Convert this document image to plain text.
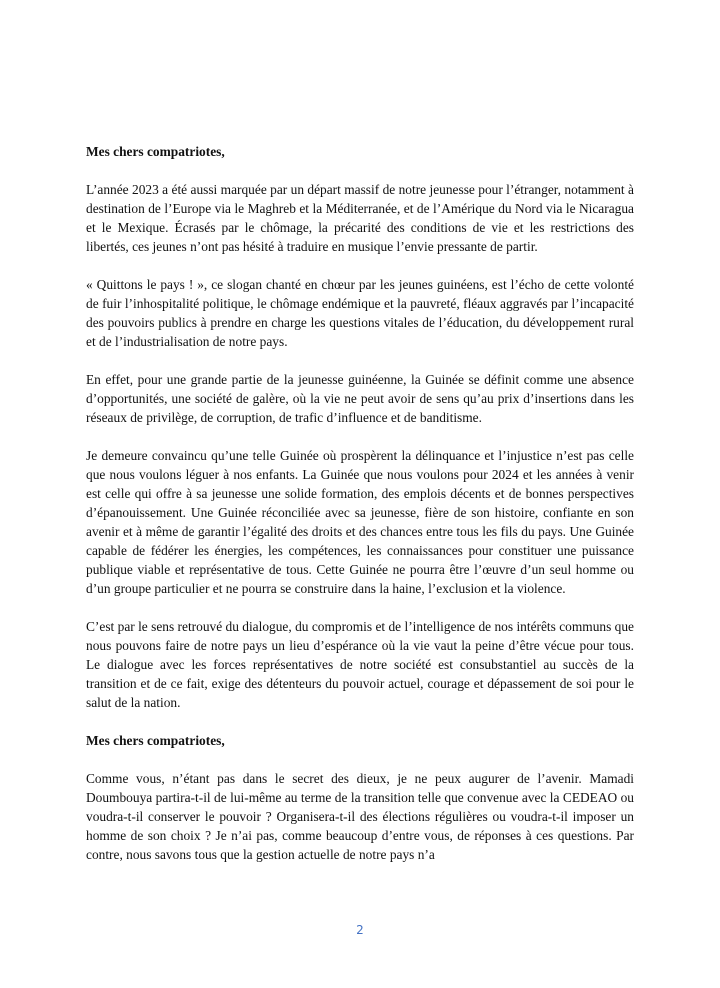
Mes chers compatriotes,

L’année 2023 a été aussi marquée par un départ massif de notre jeunesse pour l’étranger, notamment à destination de l’Europe via le Maghreb et la Méditerranée, et de l’Amérique du Nord via le Nicaragua et le Mexique. Écrasés par le chômage, la précarité des conditions de vie et les restrictions des libertés, ces jeunes n’ont pas hésité à traduire en musique l’envie pressante de partir.

« Quittons le pays ! », ce slogan chanté en chœur par les jeunes guinéens, est l’écho de cette volonté de fuir l’inhospitalité politique, le chômage endémique et la pauvreté, fléaux aggravés par l’incapacité des pouvoirs publics à prendre en charge les questions vitales de l’éducation, du développement rural et de l’industrialisation de notre pays.

En effet, pour une grande partie de la jeunesse guinéenne, la Guinée se définit comme une absence d’opportunités, une société de galère, où la vie ne peut avoir de sens qu’au prix d’insertions dans les réseaux de privilège, de corruption, de trafic d’influence et de banditisme.

Je demeure convaincu qu’une telle Guinée où prospèrent la délinquance et l’injustice n’est pas celle que nous voulons léguer à nos enfants. La Guinée que nous voulons pour 2024 et les années à venir est celle qui offre à sa jeunesse une solide formation, des emplois décents et de bonnes perspectives d’épanouissement. Une Guinée réconciliée avec sa jeunesse, fière de son histoire, confiante en son avenir et à même de garantir l’égalité des droits et des chances entre tous les fils du pays. Une Guinée capable de fédérer les énergies, les compétences, les connaissances pour constituer une puissance publique viable et représentative de tous. Cette Guinée ne pourra être l’œuvre d’un seul homme ou d’un groupe particulier et ne pourra se construire dans la haine, l’exclusion et la violence.

C’est par le sens retrouvé du dialogue, du compromis et de l’intelligence de nos intérêts communs que nous pouvons faire de notre pays un lieu d’espérance où la vie vaut la peine d’être vécue pour tous. Le dialogue avec les forces représentatives de notre société est consubstantiel au succès de la transition et de ce fait, exige des détenteurs du pouvoir actuel, courage et dépassement de soi pour le salut de la nation.

Mes chers compatriotes,

Comme vous, n’étant pas dans le secret des dieux, je ne peux augurer de l’avenir. Mamadi Doumbouya partira-t-il de lui-même au terme de la transition telle que convenue avec la CEDEAO ou voudra-t-il conserver le pouvoir ? Organisera-t-il des élections régulières ou voudra-t-il imposer un homme de son choix ? Je n’ai pas, comme beaucoup d’entre vous, de réponses à ces questions. Par contre, nous savons tous que la gestion actuelle de notre pays n’a

2
